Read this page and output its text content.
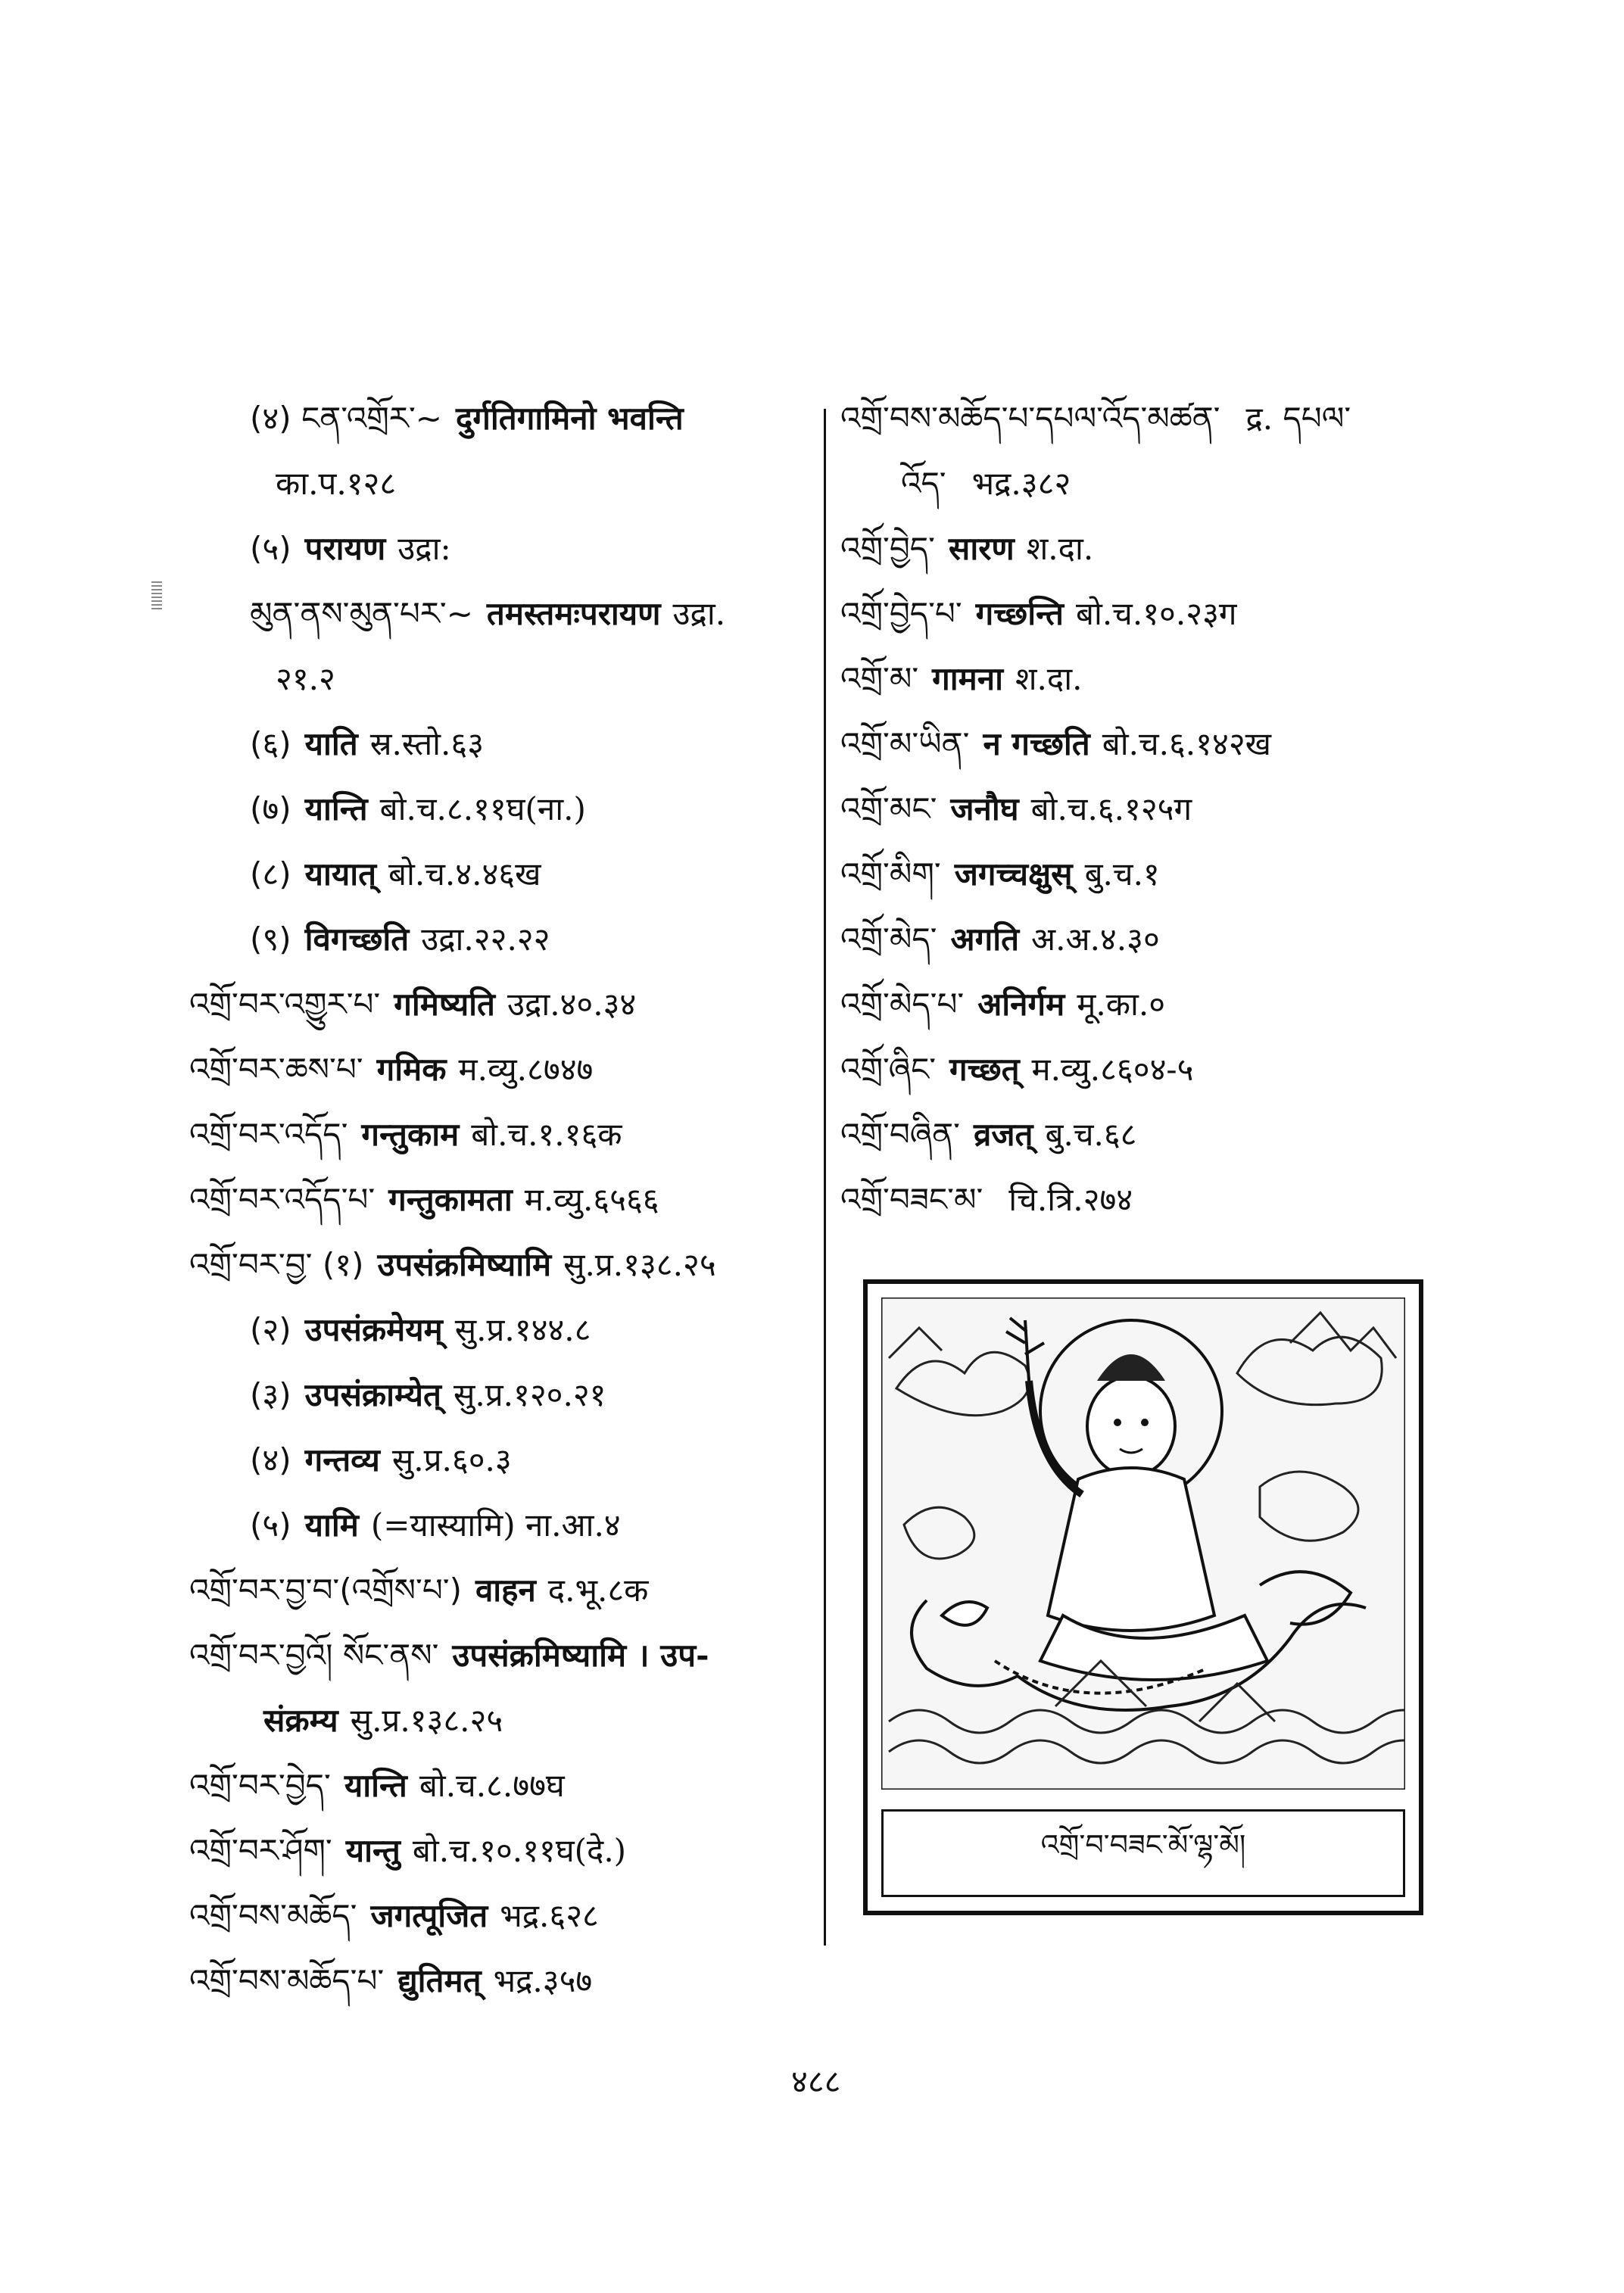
(४) ངན་འགྲོར་~ दुर्गतिगामिनो भवन्ति
का.प.१२८
(५) परायण उद्रा:
མུན་ནས་མུན་པར་~ तमस्तमःपरायण उद्रा.
२१.२
(६) याति स्र.स्तो.६३
(७) यान्ति बो.च.८.११घ(ना.)
(८) यायात् बो.च.४.४६ख
(९) विगच्छति उद्रा.२२.२२
འགྲོ་བར་འགྱུར་པ་ गमिष्यति उद्रा.४०.३४
འགྲོ་བར་ཆས་པ་ गमिक म.व्यु.८७४७
འགྲོ་བར་འདོད་ गन्तुकाम बो.च.१.१६क
འགྲོ་བར་འདོད་པ་ गन्तुकामता म.व्यु.६५६६
འགྲོ་བར་བྱ་ (१) उपसंक्रमिष्यामि सु.प्र.१३८.२५
(२) उपसंक्रमेयम् सु.प्र.१४४.८
(३) उपसंक्राम्येत् सु.प्र.१२०.२१
(४) गन्तव्य सु.प्र.६०.३
(५) यामि (=यास्यामि) ना.आ.४
འགྲོ་བར་བྱ་བ་(འགྲོས་པ་) वाहन द.भू.८क
འགྲོ་བར་བྱའོ། སོང་ནས་ उपसंक्रमिष्यामि । उप-
संक्रम्य सु.प्र.१३८.२५
འགྲོ་བར་བྱེད་ यान्ति बो.च.८.७७घ
འགྲོ་བར་ཤོག་ यान्तु बो.च.१०.११घ(दे.)
འགྲོ་བས་མཆོད་ जगत्पूजित भद्र.६२८
འགྲོ་བས་མཆོད་པ་ द्युतिमत् भद्र.३५७
འགྲོ་བས་མཆོད་པ་དཔལ་འོད་མཚན་ द्र. དཔལ་
འོད་ भद्र.३८२
འགྲོ་བྱེད་ सारण श.दा.
འགྲོ་བྱེད་པ་ गच्छन्ति बो.च.१०.२३ग
འགྲོ་མ་ गामना श.दा.
འགྲོ་མ་ཡིན་ न गच्छति बो.च.६.१४२ख
འགྲོ་མང་ जनौघ बो.च.६.१२५ग
འགྲོ་མིག་ जगच्चक्षुस् बु.च.१
འགྲོ་མེད་ अगति अ.अ.४.३०
འགྲོ་མེད་པ་ अनिर्गम मू.का.०
འགྲོ་ཞིང་ गच्छत् म.व्यु.८६०४-५
འགྲོ་བཞིན་ व्रजत् बु.च.६८
འགྲོ་བཟང་མ་ चि.त्रि.२७४
འགྲོ་བ་བཟང་མོ་ལྷ་མོ།
४८८
